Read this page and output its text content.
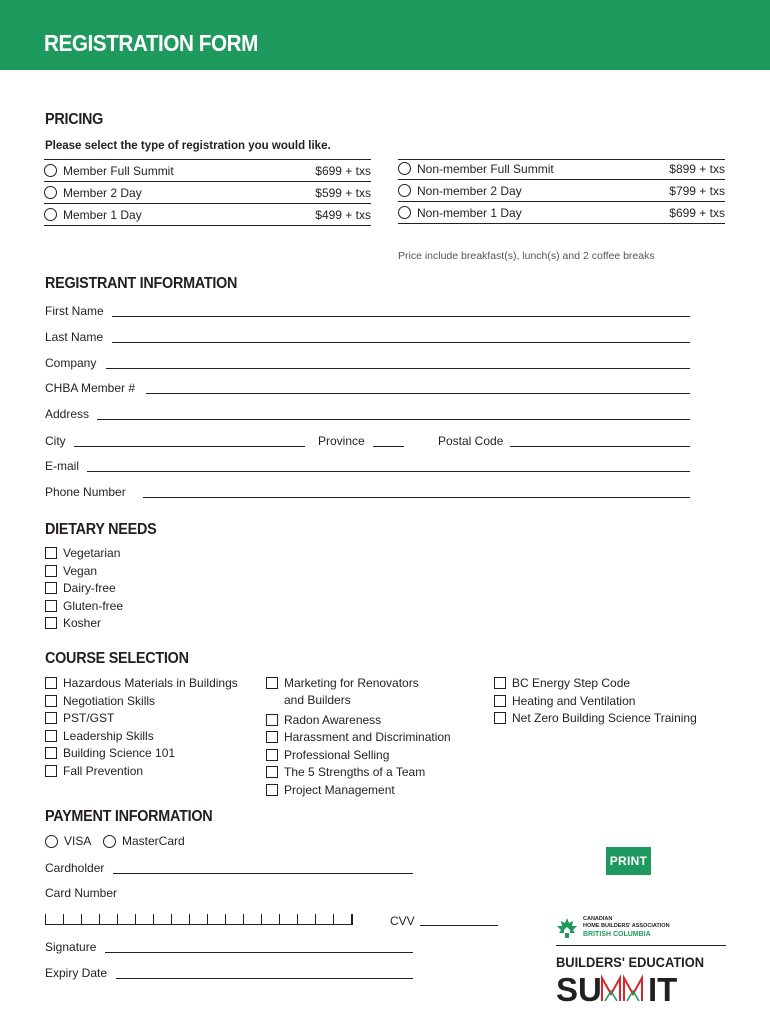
REGISTRATION FORM
PRICING
Please select the type of registration you would like.
Member Full Summit	$699 + txs
Member 2 Day	$599 + txs
Member 1 Day	$499 + txs
Non-member Full Summit	$899 + txs
Non-member 2 Day	$799 + txs
Non-member 1 Day	$699 + txs
Price include breakfast(s), lunch(s) and 2 coffee breaks
REGISTRANT INFORMATION
First Name
Last Name
Company
CHBA Member #
Address
City	Province	Postal Code
E-mail
Phone Number
DIETARY NEEDS
Vegetarian
Vegan
Dairy-free
Gluten-free
Kosher
COURSE SELECTION
Hazardous Materials in Buildings
Negotiation Skills
PST/GST
Leadership Skills
Building Science 101
Fall Prevention
Marketing for Renovators
and Builders
Radon Awareness
Harassment and Discrimination
Professional Selling
The 5 Strengths of a Team
Project Management
BC Energy Step Code
Heating and Ventilation
Net Zero Building Science Training
PAYMENT INFORMATION
VISA	MasterCard
Cardholder
Card Number
CVV
Signature
Expiry Date
PRINT
CANADIAN
HOME BUILDERS' ASSOCIATION
BRITISH COLUMBIA
BUILDERS' EDUCATION
SU IT
